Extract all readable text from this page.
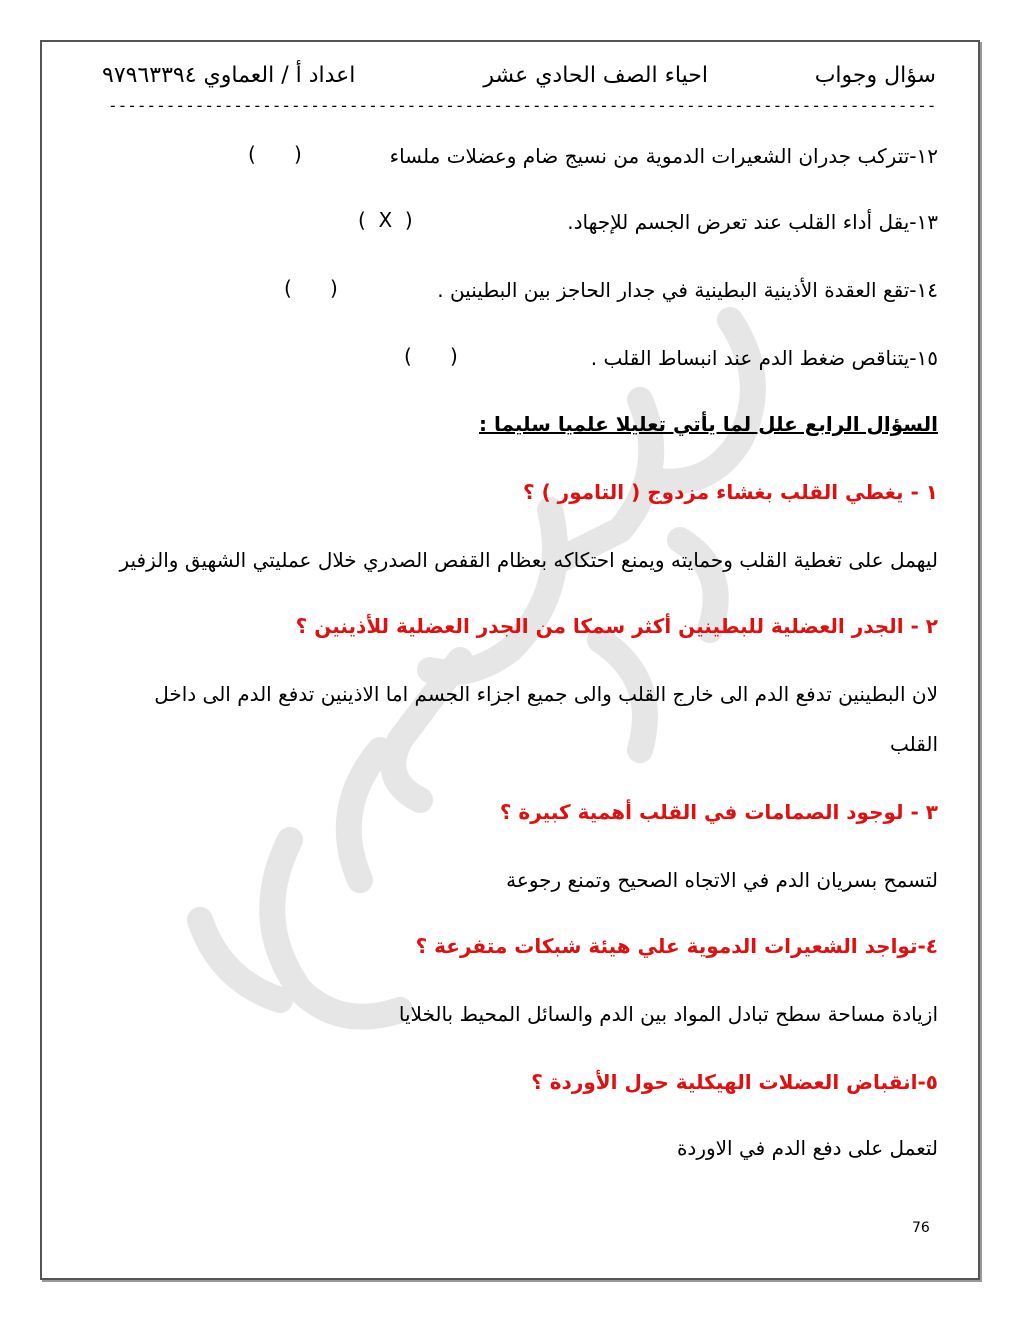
سؤال وجواب
احياء الصف الحادي عشر
اعداد أ / العماوي ٩٧٩٦٣٣٩٤
--------------------------------------------------------------------------------------
١٢-تتركب جدران الشعيرات الدموية من نسيج ضام وعضلات ملساء
(      )
١٣-يقل أداء القلب عند تعرض الجسم للإجهاد.
(  X  )
١٤-تقع العقدة الأذينية البطينية في جدار الحاجز بين البطينين .
(      )
١٥-يتناقص ضغط الدم عند انبساط القلب .
(      )
السؤال الرابع علل لما يأتي تعليلا علميا سليما :
١ - يغطي القلب بغشاء مزدوج ( التامور ) ؟
ليهمل على تغطية القلب وحمايته ويمنع احتكاكه بعظام القفص الصدري خلال عمليتي الشهيق والزفير
٢ - الجدر العضلية للبطينين أكثر سمكا من الجدر العضلية للأذينين ؟
لان البطينين تدفع الدم الى خارج القلب والى جميع اجزاء الجسم اما الاذينين تدفع الدم الى داخل
القلب
٣ - لوجود الصمامات في القلب أهمية كبيرة ؟
لتسمح بسريان الدم في الاتجاه الصحيح وتمنع رجوعة
٤-تواجد الشعيرات الدموية علي هيئة شبكات متفرعة ؟
ازيادة مساحة سطح تبادل المواد بين الدم والسائل المحيط بالخلايا
٥-انقباض العضلات الهيكلية حول الأوردة ؟
لتعمل على دفع الدم في الاوردة
76
